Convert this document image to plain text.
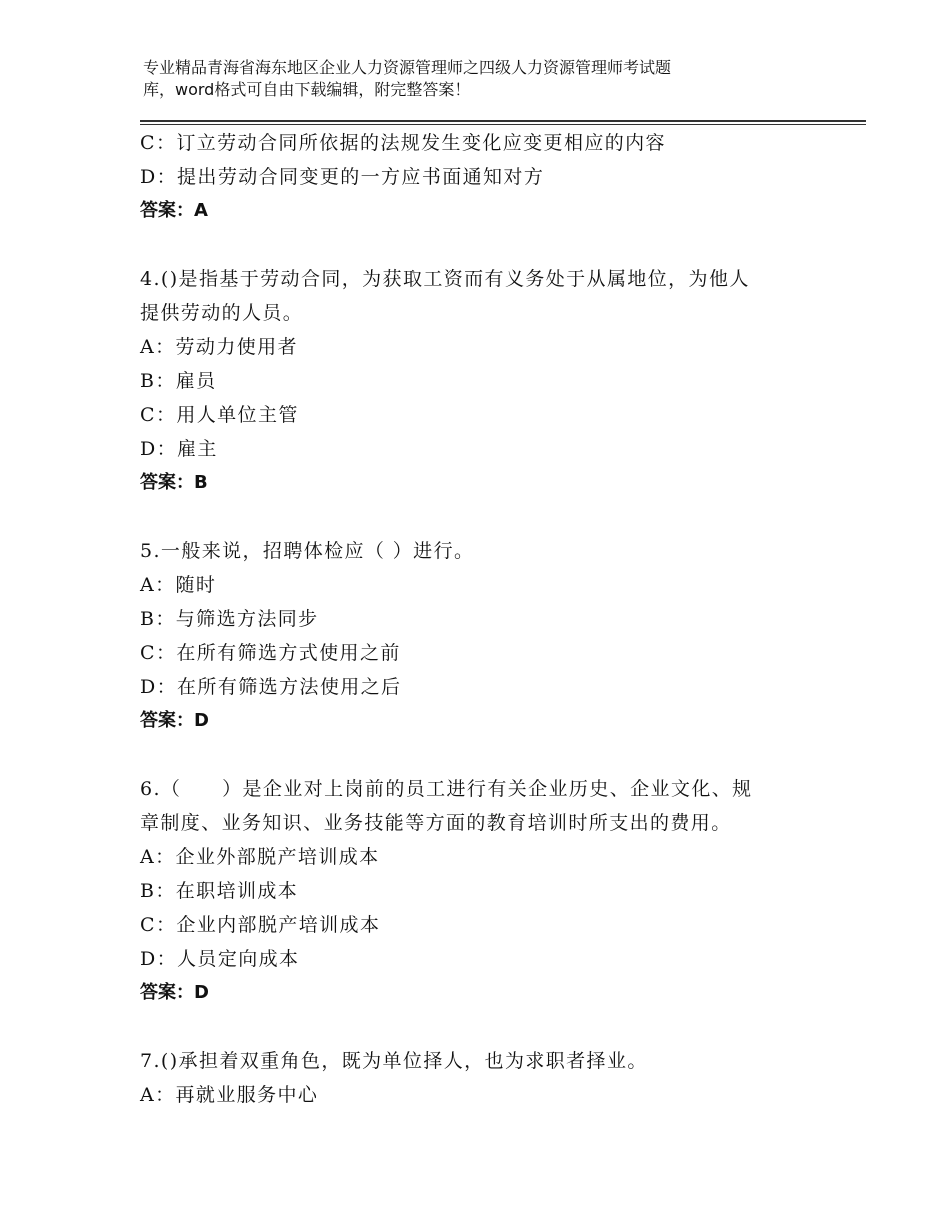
专业精品青海省海东地区企业人力资源管理师之四级人力资源管理师考试题
库，word格式可自由下载编辑，附完整答案！
C：订立劳动合同所依据的法规发生变化应变更相应的内容
D：提出劳动合同变更的一方应书面通知对方
答案：A
4.()是指基于劳动合同，为获取工资而有义务处于从属地位，为他人
提供劳动的人员。
A：劳动力使用者
B：雇员
C：用人单位主管
D：雇主
答案：B
5.一般来说，招聘体检应（ ）进行。
A：随时
B：与筛选方法同步
C：在所有筛选方式使用之前
D：在所有筛选方法使用之后
答案：D
6.（　　）是企业对上岗前的员工进行有关企业历史、企业文化、规
章制度、业务知识、业务技能等方面的教育培训时所支出的费用。
A：企业外部脱产培训成本
B：在职培训成本
C：企业内部脱产培训成本
D：人员定向成本
答案：D
7.()承担着双重角色，既为单位择人，也为求职者择业。
A：再就业服务中心
